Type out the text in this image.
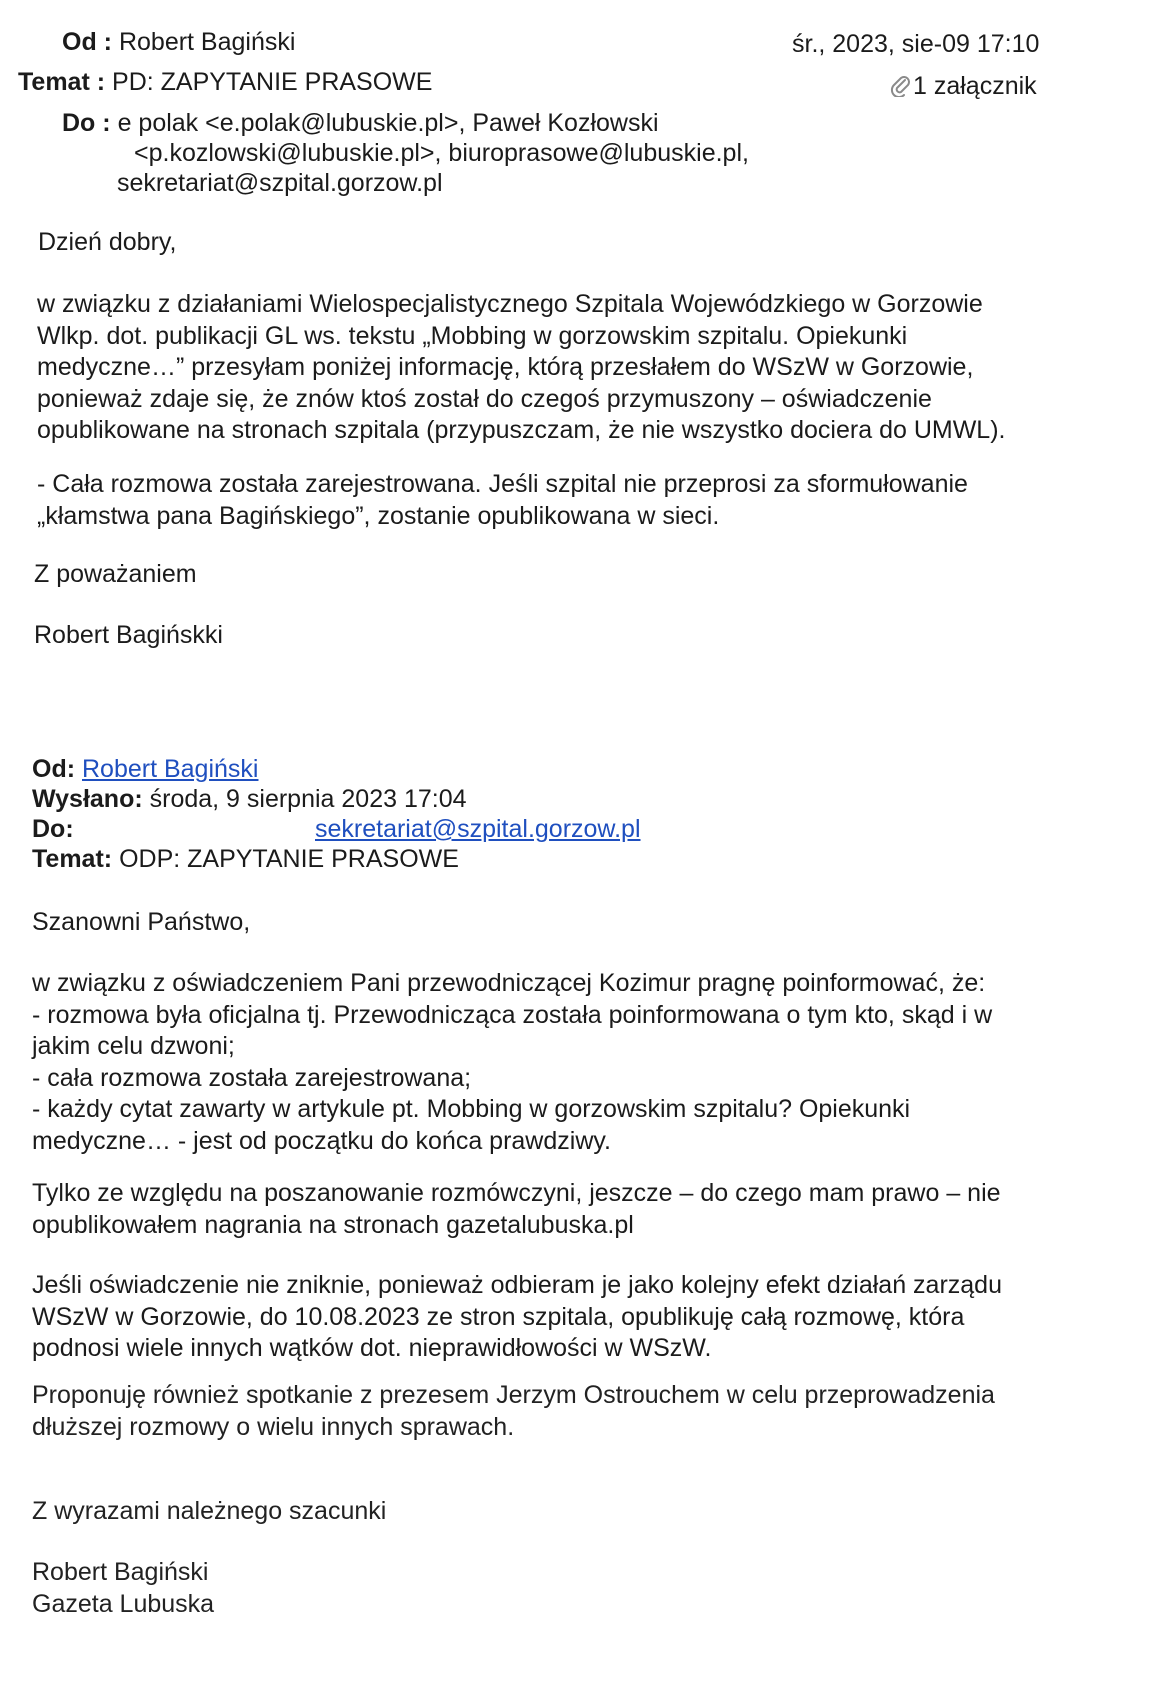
Od : Robert Bagiński	śr., 2023, sie-09 17:10
Temat : PD: ZAPYTANIE PRASOWE	1 załącznik
Do : e polak <e.polak@lubuskie.pl>, Paweł Kozłowski
<p.kozlowski@lubuskie.pl>, biuroprasowe@lubuskie.pl,
sekretariat@szpital.gorzow.pl
Dzień dobry,
w związku z działaniami Wielospecjalistycznego Szpitala Wojewódzkiego w Gorzowie
Wlkp. dot. publikacji GL ws. tekstu „Mobbing w gorzowskim szpitalu. Opiekunki
medyczne…” przesyłam poniżej informację, którą przesłałem do WSzW w Gorzowie,
ponieważ zdaje się, że znów ktoś został do czegoś przymuszony – oświadczenie
opublikowane na stronach szpitala (przypuszczam, że nie wszystko dociera do UMWL).
- Cała rozmowa została zarejestrowana. Jeśli szpital nie przeprosi za sformułowanie
„kłamstwa pana Bagińskiego”, zostanie opublikowana w sieci.
Z poważaniem
Robert Bagińskki
Od: Robert Bagiński
Wysłano: środa, 9 sierpnia 2023 17:04
Do:	sekretariat@szpital.gorzow.pl
Temat: ODP: ZAPYTANIE PRASOWE
Szanowni Państwo,
w związku z oświadczeniem Pani przewodniczącej Kozimur pragnę poinformować, że:
- rozmowa była oficjalna tj. Przewodnicząca została poinformowana o tym kto, skąd i w
jakim celu dzwoni;
- cała rozmowa została zarejestrowana;
- każdy cytat zawarty w artykule pt. Mobbing w gorzowskim szpitalu? Opiekunki
medyczne… - jest od początku do końca prawdziwy.
Tylko ze względu na poszanowanie rozmówczyni, jeszcze – do czego mam prawo – nie
opublikowałem nagrania na stronach gazetalubuska.pl
Jeśli oświadczenie nie zniknie, ponieważ odbieram je jako kolejny efekt działań zarządu
WSzW w Gorzowie, do 10.08.2023 ze stron szpitala, opublikuję całą rozmowę, która
podnosi wiele innych wątków dot. nieprawidłowości w WSzW.
Proponuję również spotkanie z prezesem Jerzym Ostrouchem w celu przeprowadzenia
dłuższej rozmowy o wielu innych sprawach.
Z wyrazami należnego szacunki
Robert Bagiński
Gazeta Lubuska
